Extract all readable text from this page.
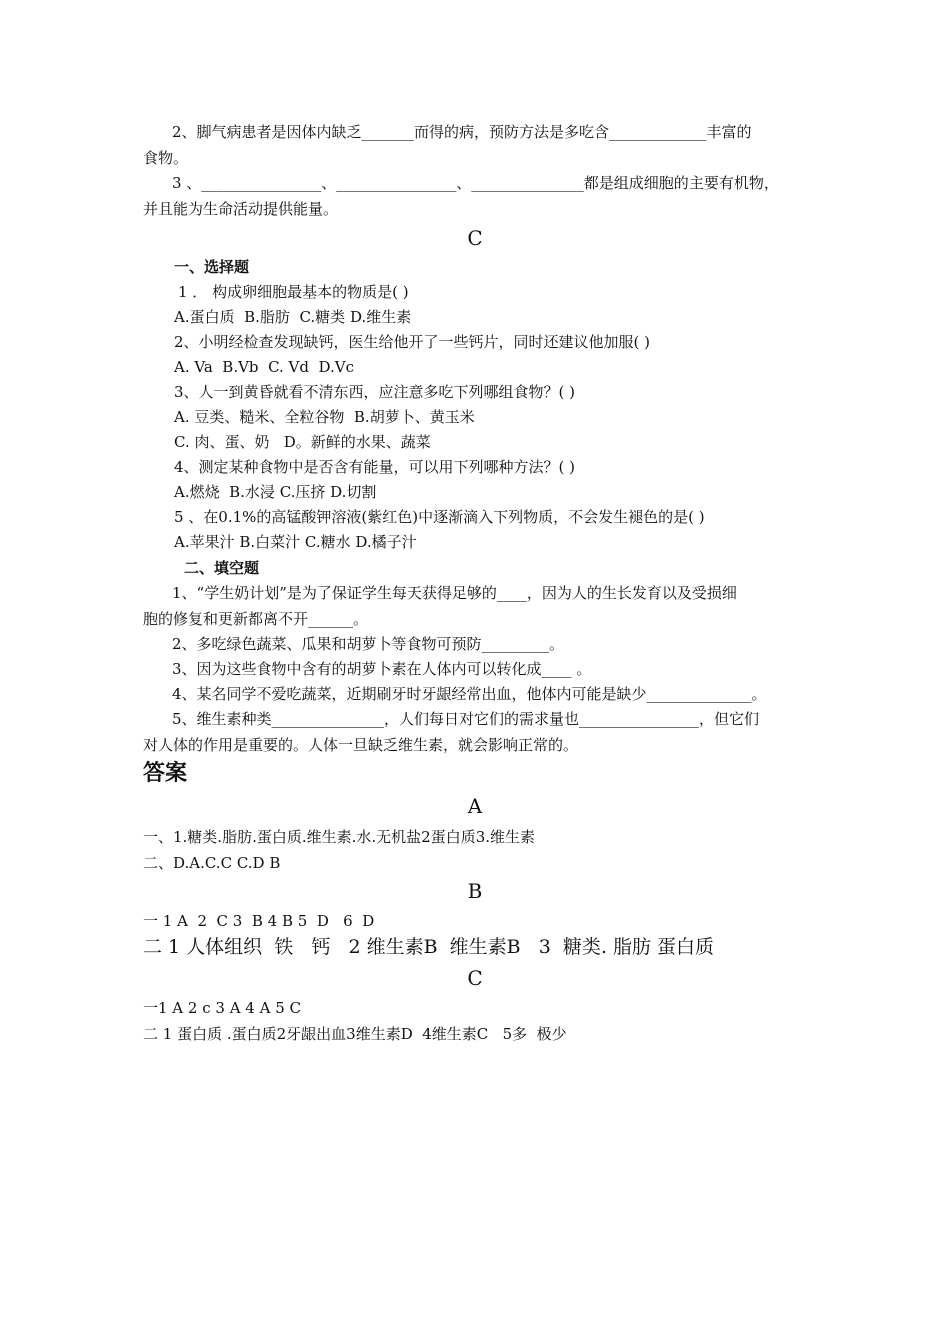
2、脚气病患者是因体内缺乏_______而得的病，预防方法是多吃含_____________丰富的
食物。
3 、________________、________________、_______________都是组成细胞的主要有机物，
并且能为生命活动提供能量。
C
一、选择题
1 ． 构成卵细胞最基本的物质是( )
A.蛋白质  B.脂肪  C.糖类 D.维生素
2、小明经检查发现缺钙，医生给他开了一些钙片，同时还建议他加服( )
A. Va  B.Vb  C. Vd  D.Vc
3、人一到黄昏就看不清东西，应注意多吃下列哪组食物？( )
A. 豆类、糙米、全粒谷物  B.胡萝卜、黄玉米
C. 肉、蛋、奶   D。新鲜的水果、蔬菜
4、测定某种食物中是否含有能量，可以用下列哪种方法？( )
A.燃烧  B.水浸 C.压挤 D.切割
5 、在0.1%的高锰酸钾溶液(紫红色)中逐渐滴入下列物质，不会发生褪色的是( )
A.苹果汁 B.白菜汁 C.糖水 D.橘子汁
二、填空题
1、“学生奶计划”是为了保证学生每天获得足够的____，因为人的生长发育以及受损细
胞的修复和更新都离不开______。
2、多吃绿色蔬菜、瓜果和胡萝卜等食物可预防_________。
3、因为这些食物中含有的胡萝卜素在人体内可以转化成____ 。
4、某名同学不爱吃蔬菜，近期刷牙时牙龈经常出血，他体内可能是缺少______________。
5、维生素种类_______________，人们每日对它们的需求量也________________，但它们
对人体的作用是重要的。人体一旦缺乏维生素，就会影响正常的。
答案
A
一、1.糖类.脂肪.蛋白质.维生素.水.无机盐2蛋白质3.维生素
二、D.A.C.C C.D B
B
一 1 A  2  C 3  B 4 B 5  D   6  D
二 1 人体组织  铁   钙   2 维生素B  维生素B   3  糖类. 脂肪 蛋白质
C
一1 A 2 c 3 A 4 A 5 C
二 1 蛋白质 .蛋白质2牙龈出血3维生素D  4维生素C   5多  极少
